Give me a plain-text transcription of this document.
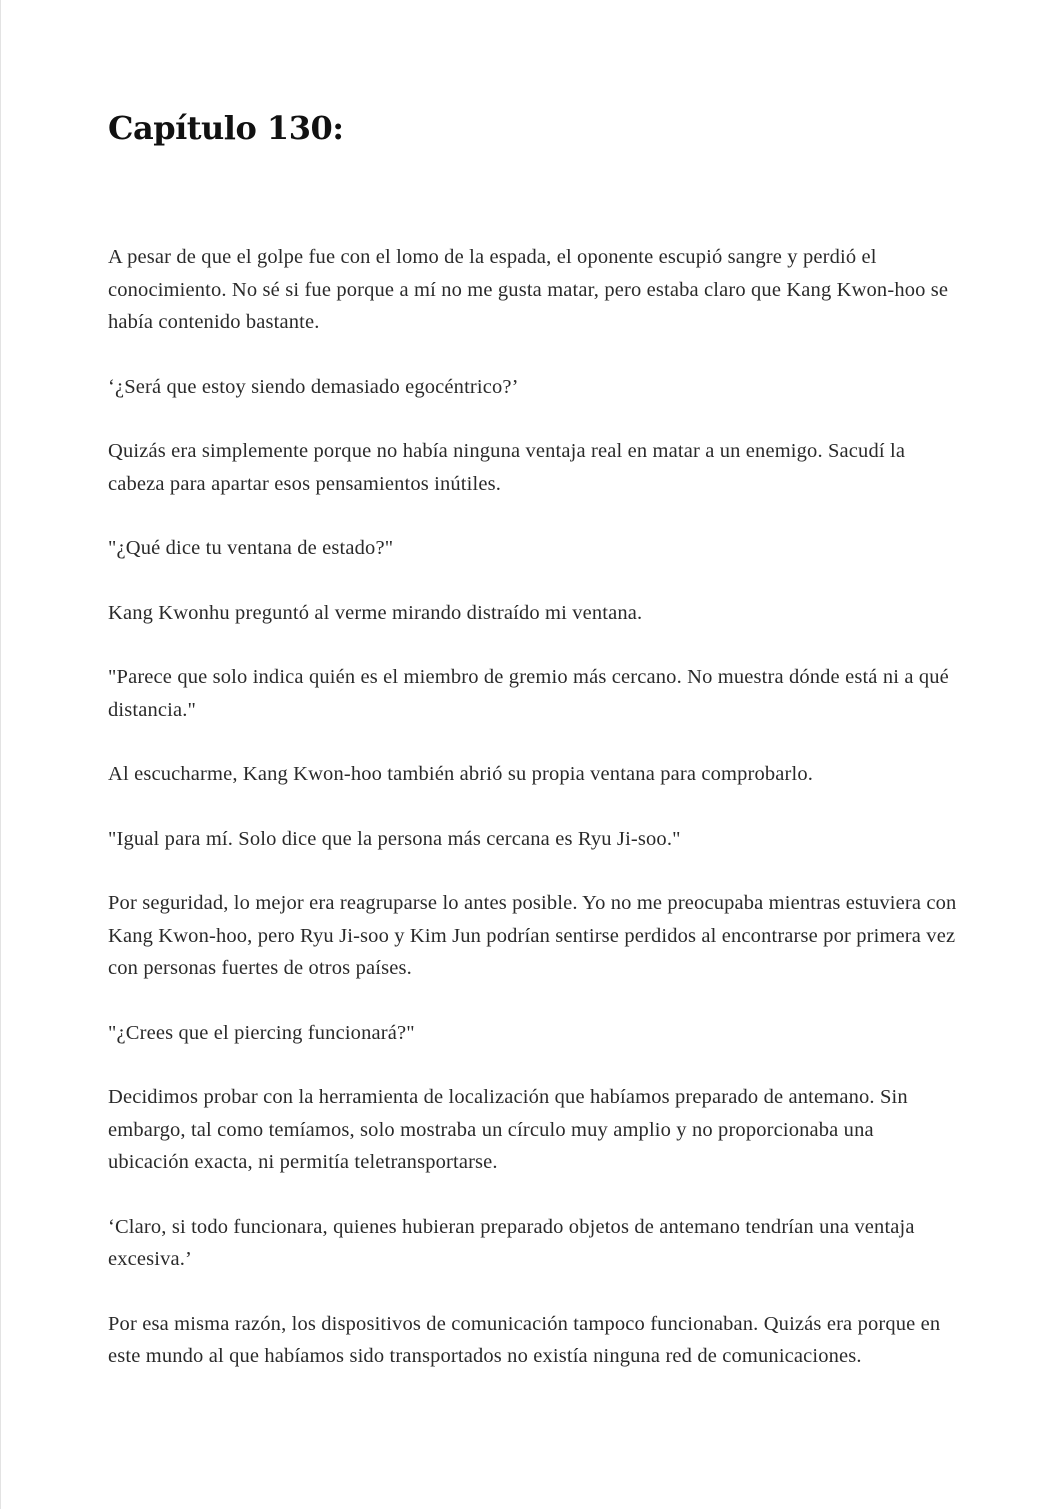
Capítulo 130:

A pesar de que el golpe fue con el lomo de la espada, el oponente escupió sangre y perdió el conocimiento. No sé si fue porque a mí no me gusta matar, pero estaba claro que Kang Kwon-hoo se había contenido bastante.

‘¿Será que estoy siendo demasiado egocéntrico?’

Quizás era simplemente porque no había ninguna ventaja real en matar a un enemigo. Sacudí la cabeza para apartar esos pensamientos inútiles.

"¿Qué dice tu ventana de estado?"

Kang Kwonhu preguntó al verme mirando distraído mi ventana.

"Parece que solo indica quién es el miembro de gremio más cercano. No muestra dónde está ni a qué distancia."

Al escucharme, Kang Kwon-hoo también abrió su propia ventana para comprobarlo.

"Igual para mí. Solo dice que la persona más cercana es Ryu Ji-soo."

Por seguridad, lo mejor era reagruparse lo antes posible. Yo no me preocupaba mientras estuviera con Kang Kwon-hoo, pero Ryu Ji-soo y Kim Jun podrían sentirse perdidos al encontrarse por primera vez con personas fuertes de otros países.

"¿Crees que el piercing funcionará?"

Decidimos probar con la herramienta de localización que habíamos preparado de antemano. Sin embargo, tal como temíamos, solo mostraba un círculo muy amplio y no proporcionaba una ubicación exacta, ni permitía teletransportarse.

‘Claro, si todo funcionara, quienes hubieran preparado objetos de antemano tendrían una ventaja excesiva.’

Por esa misma razón, los dispositivos de comunicación tampoco funcionaban. Quizás era porque en este mundo al que habíamos sido transportados no existía ninguna red de comunicaciones.
